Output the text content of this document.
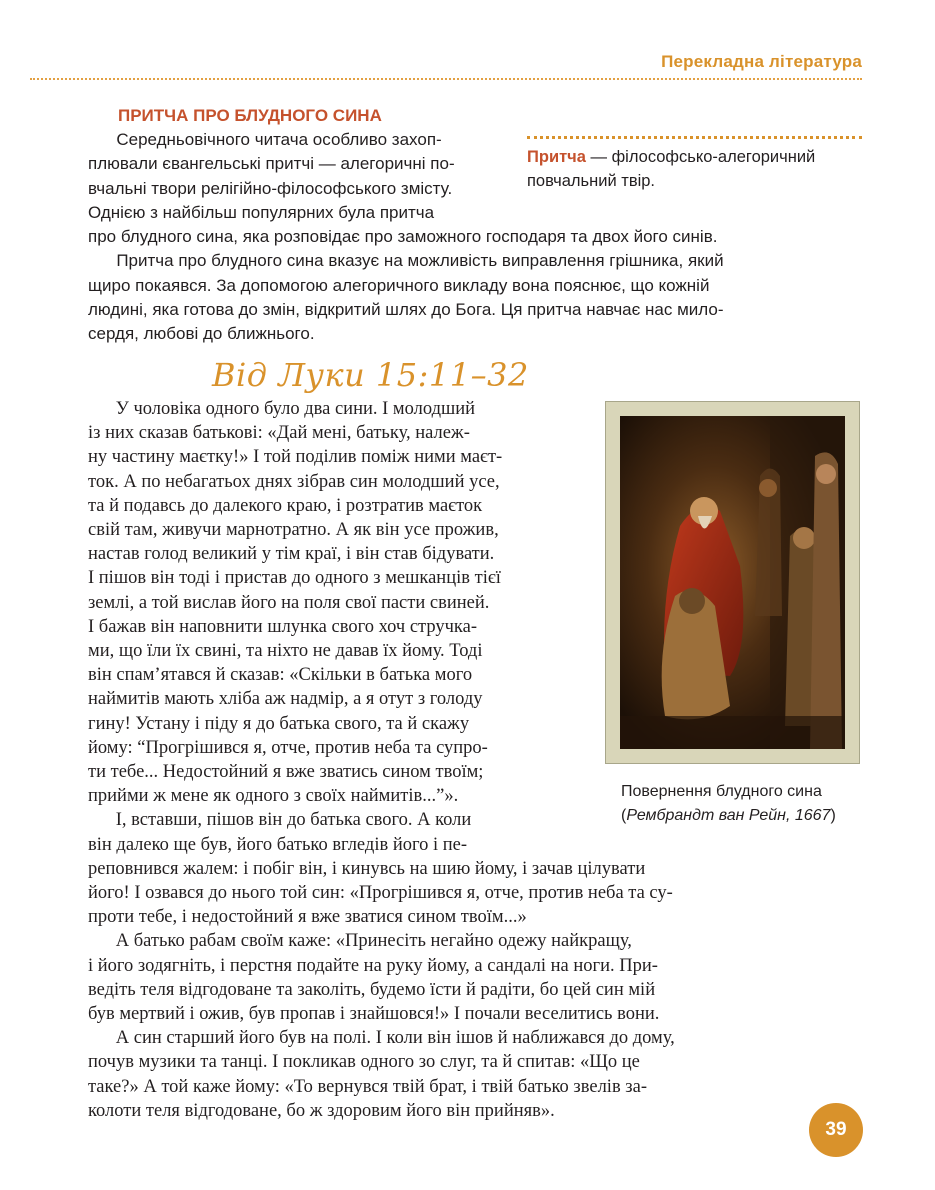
Перекладна література
ПРИТЧА ПРО БЛУДНОГО СИНА
Притча — філософсько-алегоричний повчальний твір.
Середньовічного читача особливо захоп-
плювали євангельські притчі — алегоричні по-
вчальні твори релігійно-філософського змісту.
Однією з найбільш популярних була притча
про блудного сина, яка розповідає про заможного господаря та двох його синів.
Притча про блудного сина вказує на можливість виправлення грішника, який
щиро покаявся. За допомогою алегоричного викладу вона пояснює, що кожній
людині, яка готова до змін, відкритий шлях до Бога. Ця притча навчає нас мило-
сердя, любові до ближнього.
Від Луки 15:11–32
У чоловіка одного було два сини. І молодший
із них сказав батькові: «Дай мені, батьку, належ-
ну частину маєтку!» І той поділив поміж ними маєт-
ток. А по небагатьох днях зібрав син молодший усе,
та й подавсь до далекого краю, і розтратив маєток
свій там, живучи марнотратно. А як він усе прожив,
настав голод великий у тім краї, і він став бідувати.
І пішов він тоді і пристав до одного з мешканців тієї
землі, а той вислав його на поля свої пасти свиней.
І бажав він наповнити шлунка свого хоч стручка-
ми, що їли їх свині, та ніхто не давав їх йому. Тоді
він спам’ятався й сказав: «Скільки в батька мого
наймитів мають хліба аж надмір, а я отут з голоду
гину! Устану і піду я до батька свого, та й скажу
йому: “Прогрішився я, отче, против неба та супро-
ти тебе... Недостойний я вже зватись сином твоїм;
прийми ж мене як одного з своїх наймитів...”».
І, вставши, пішов він до батька свого. А коли
він далеко ще був, його батько вгледів його і пе-
реповнився жалем: і побіг він, і кинувсь на шию йому, і зачав цілувати
його! І озвався до нього той син: «Прогрішився я, отче, против неба та су-
проти тебе, і недостойний я вже зватися сином твоїм...»
А батько рабам своїм каже: «Принесіть негайно одежу найкращу,
і його зодягніть, і перстня подайте на руку йому, а сандалі на ноги. При-
ведіть теля відгодоване та заколіть, будемо їсти й радіти, бо цей син мій
був мертвий і ожив, був пропав і знайшовся!» І почали веселитись вони.
А син старший його був на полі. І коли він ішов й наближався до дому,
почув музики та танці. І покликав одного зо слуг, та й спитав: «Що це
таке?» А той каже йому: «То вернувся твій брат, і твій батько звелів за-
колоти теля відгодоване, бо ж здоровим його він прийняв».
Повернення блудного сина
(Рембрандт ван Рейн, 1667)
39
